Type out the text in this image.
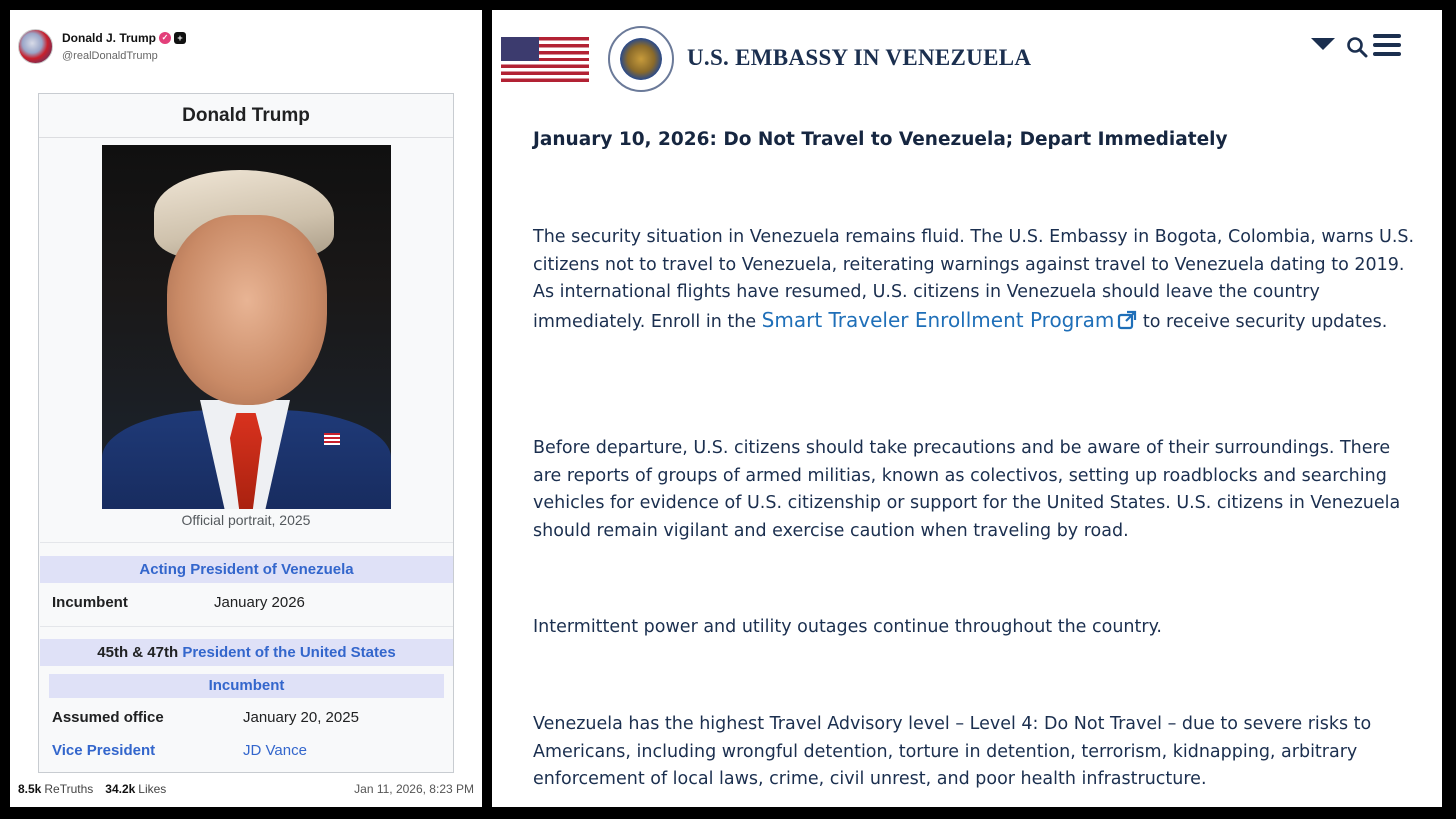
Donald J. Trump ✓	+
@realDonaldTrump
Donald Trump
Official portrait, 2025
Acting President of Venezuela
Incumbent	January 2026
45th & 47th President of the United States
Incumbent
Assumed office	January 20, 2025
Vice President	JD Vance
8.5k ReTruths 34.2k Likes	Jan 11, 2026, 8:23 PM
U.S. EMBASSY IN VENEZUELA
January 10, 2026: Do Not Travel to Venezuela; Depart Immediately

The security situation in Venezuela remains fluid. The U.S. Embassy in Bogota, Colombia, warns U.S. citizens not to travel to Venezuela, reiterating warnings against travel to Venezuela dating to 2019. As international flights have resumed, U.S. citizens in Venezuela should leave the country immediately. Enroll in the Smart Traveler Enrollment Program to receive security updates.

Before departure, U.S. citizens should take precautions and be aware of their surroundings. There are reports of groups of armed militias, known as colectivos, setting up roadblocks and searching vehicles for evidence of U.S. citizenship or support for the United States. U.S. citizens in Venezuela should remain vigilant and exercise caution when traveling by road.

Intermittent power and utility outages continue throughout the country.

Venezuela has the highest Travel Advisory level – Level 4: Do Not Travel – due to severe risks to Americans, including wrongful detention, torture in detention, terrorism, kidnapping, arbitrary enforcement of local laws, crime, civil unrest, and poor health infrastructure.
